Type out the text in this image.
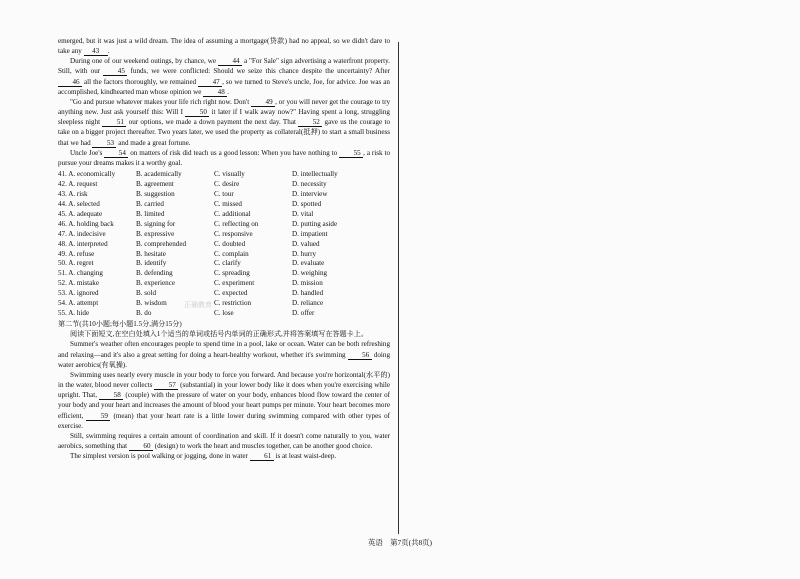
emerged, but it was just a wild dream. The idea of assuming a mortgage(贷款) had no appeal, so we didn't dare to take any 43 .

During one of our weekend outings, by chance, we 44 a "For Sale" sign advertising a waterfront property. Still, with our 45 funds, we were conflicted: Should we seize this chance despite the uncertainty? After 46 all the factors thoroughly, we remained 47 , so we turned to Steve's uncle, Joe, for advice. Joe was an accomplished, kindhearted man whose opinion we 48 .

"Go and pursue whatever makes your life rich right now. Don't 49 , or you will never get the courage to try anything new. Just ask yourself this: Will I 50 it later if I walk away now?" Having spent a long, struggling sleepless night 51 our options, we made a down payment the next day. That 52 gave us the courage to take on a bigger project thereafter. Two years later, we used the property as collateral(抵押) to start a small business that we had 53 and made a great fortune.

Uncle Joe's 54 on matters of risk did teach us a good lesson: When you have nothing to 55 , a risk to pursue your dreams makes it a worthy goal.

41. A. economically	B. academically	C. visually	D. intellectually
42. A. request	B. agreement	C. desire	D. necessity
43. A. risk	B. suggestion	C. tour	D. interview
44. A. selected	B. carried	C. missed	D. spotted
45. A. adequate	B. limited	C. additional	D. vital
46. A. holding back	B. signing for	C. reflecting on	D. putting aside
47. A. indecisive	B. expressive	C. responsive	D. impatient
48. A. interpreted	B. comprehended	C. doubted	D. valued
49. A. refuse	B. hesitate	C. complain	D. hurry
50. A. regret	B. identify	C. clarify	D. evaluate
51. A. changing	B. defending	C. spreading	D. weighing
52. A. mistake	B. experience	C. experiment	D. mission
53. A. ignored	B. sold	C. expected	D. handled
54. A. attempt	B. wisdom	C. restriction	D. reliance
55. A. hide	B. do	C. lose	D. offer

第二节(共10小题;每小题1.5分,满分15分)

阅读下面短文,在空白处填入1个适当的单词或括号内单词的正确形式,并将答案填写在答题卡上。

Summer's weather often encourages people to spend time in a pool, lake or ocean. Water can be both refreshing and relaxing—and it's also a great setting for doing a heart-healthy workout, whether it's swimming 56 doing water aerobics(有氧操).

Swimming uses nearly every muscle in your body to force you forward. And because you're horizontal(水平的) in the water, blood never collects 57 (substantial) in your lower body like it does when you're exercising while upright. That, 58 (couple) with the pressure of water on your body, enhances blood flow toward the center of your body and your heart and increases the amount of blood your heart pumps per minute. Your heart becomes more efficient, 59 (mean) that your heart rate is a little lower during swimming compared with other types of exercise.

Still, swimming requires a certain amount of coordination and skill. If it doesn't come naturally to you, water aerobics, something that 60 (design) to work the heart and muscles together, can be another good choice.

The simplest version is pool walking or jogging, done in water 61 is at least waist-deep.

正确教育
英语　第7页(共8页)
